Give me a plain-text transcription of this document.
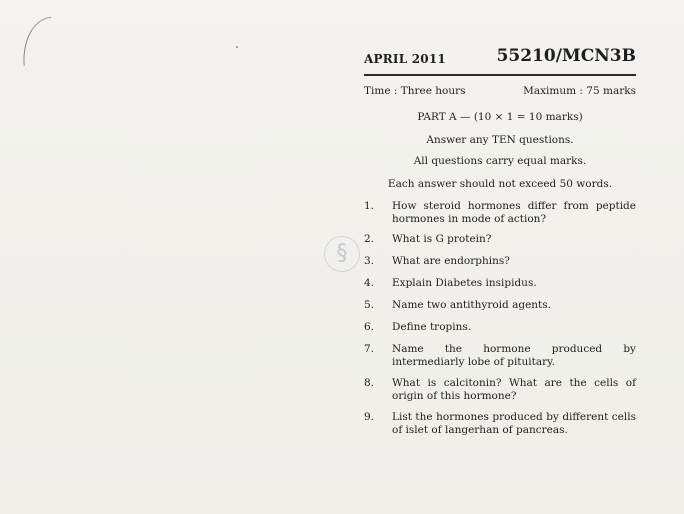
APRIL 2011	55210/MCN3B
Time : Three hours	Maximum : 75 marks
PART A — (10 × 1 = 10 marks)
Answer any TEN questions.
All questions carry equal marks.
Each answer should not exceed 50 words.
1. How steroid hormones differ from peptide hormones in mode of action?
2. What is G protein?
3. What are endorphins?
4. Explain Diabetes insipidus.
5. Name two antithyroid agents.
6. Define tropins.
7. Name the hormone produced by intermediarly lobe of pituitary.
8. What is calcitonin? What are the cells of origin of this hormone?
9. List the hormones produced by different cells of islet of langerhan of pancreas.
§
